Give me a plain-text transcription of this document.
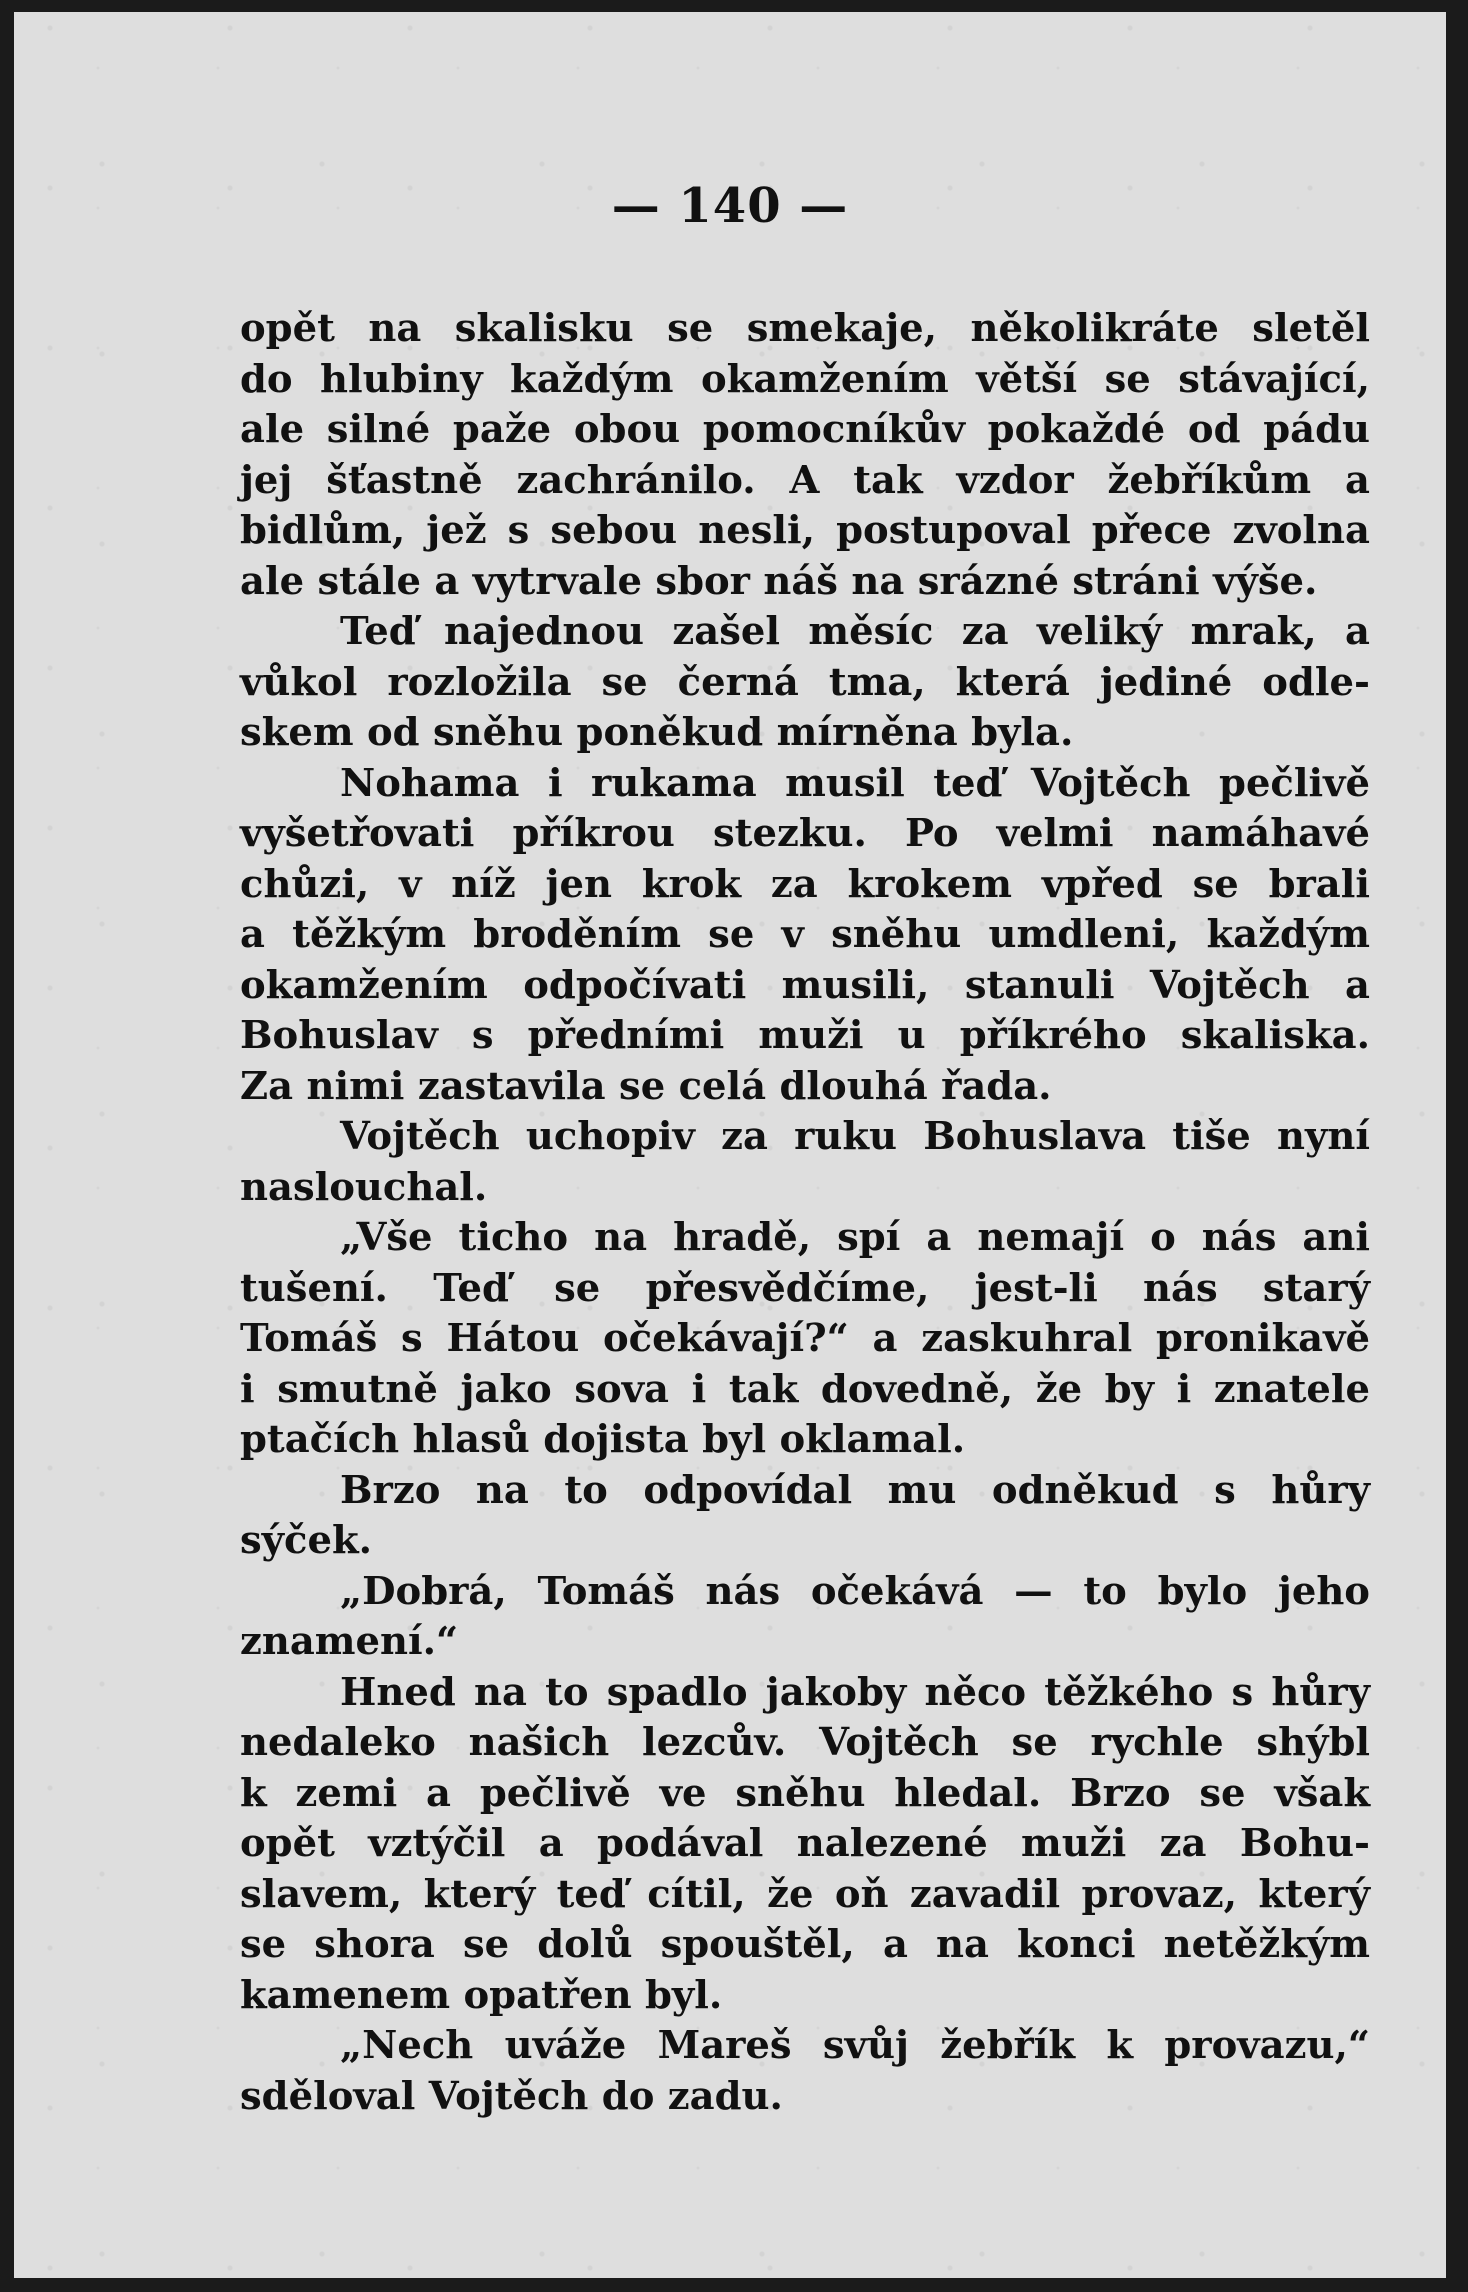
— 140 —
opět na skalisku se smekaje, několikráte sletěl
do hlubiny každým okamžením větší se stávající,
ale silné paže obou pomocníkův pokaždé od pádu
jej šťastně zachránilo. A tak vzdor žebříkům a
bidlům, jež s sebou nesli, postupoval přece zvolna
ale stále a vytrvale sbor náš na srázné stráni výše.
Teď najednou zašel měsíc za veliký mrak, a
vůkol rozložila se černá tma, která jediné odle-
skem od sněhu poněkud mírněna byla.
Nohama i rukama musil teď Vojtěch pečlivě
vyšetřovati příkrou stezku. Po velmi namáhavé
chůzi, v níž jen krok za krokem vpřed se brali
a těžkým broděním se v sněhu umdleni, každým
okamžením odpočívati musili, stanuli Vojtěch a
Bohuslav s předními muži u příkrého skaliska.
Za nimi zastavila se celá dlouhá řada.
Vojtěch uchopiv za ruku Bohuslava tiše nyní
naslouchal.
„Vše ticho na hradě, spí a nemají o nás ani
tušení. Teď se přesvědčíme, jest-li nás starý
Tomáš s Hátou očekávají?“ a zaskuhral pronikavě
i smutně jako sova i tak dovedně, že by i znatele
ptačích hlasů dojista byl oklamal.
Brzo na to odpovídal mu odněkud s hůry
sýček.
„Dobrá, Tomáš nás očekává — to bylo jeho
znamení.“
Hned na to spadlo jakoby něco těžkého s hůry
nedaleko našich lezcův. Vojtěch se rychle shýbl
k zemi a pečlivě ve sněhu hledal. Brzo se však
opět vztýčil a podával nalezené muži za Bohu-
slavem, který teď cítil, že oň zavadil provaz, který
se shora se dolů spouštěl, a na konci netěžkým
kamenem opatřen byl.
„Nech uváže Mareš svůj žebřík k provazu,“
sděloval Vojtěch do zadu.
